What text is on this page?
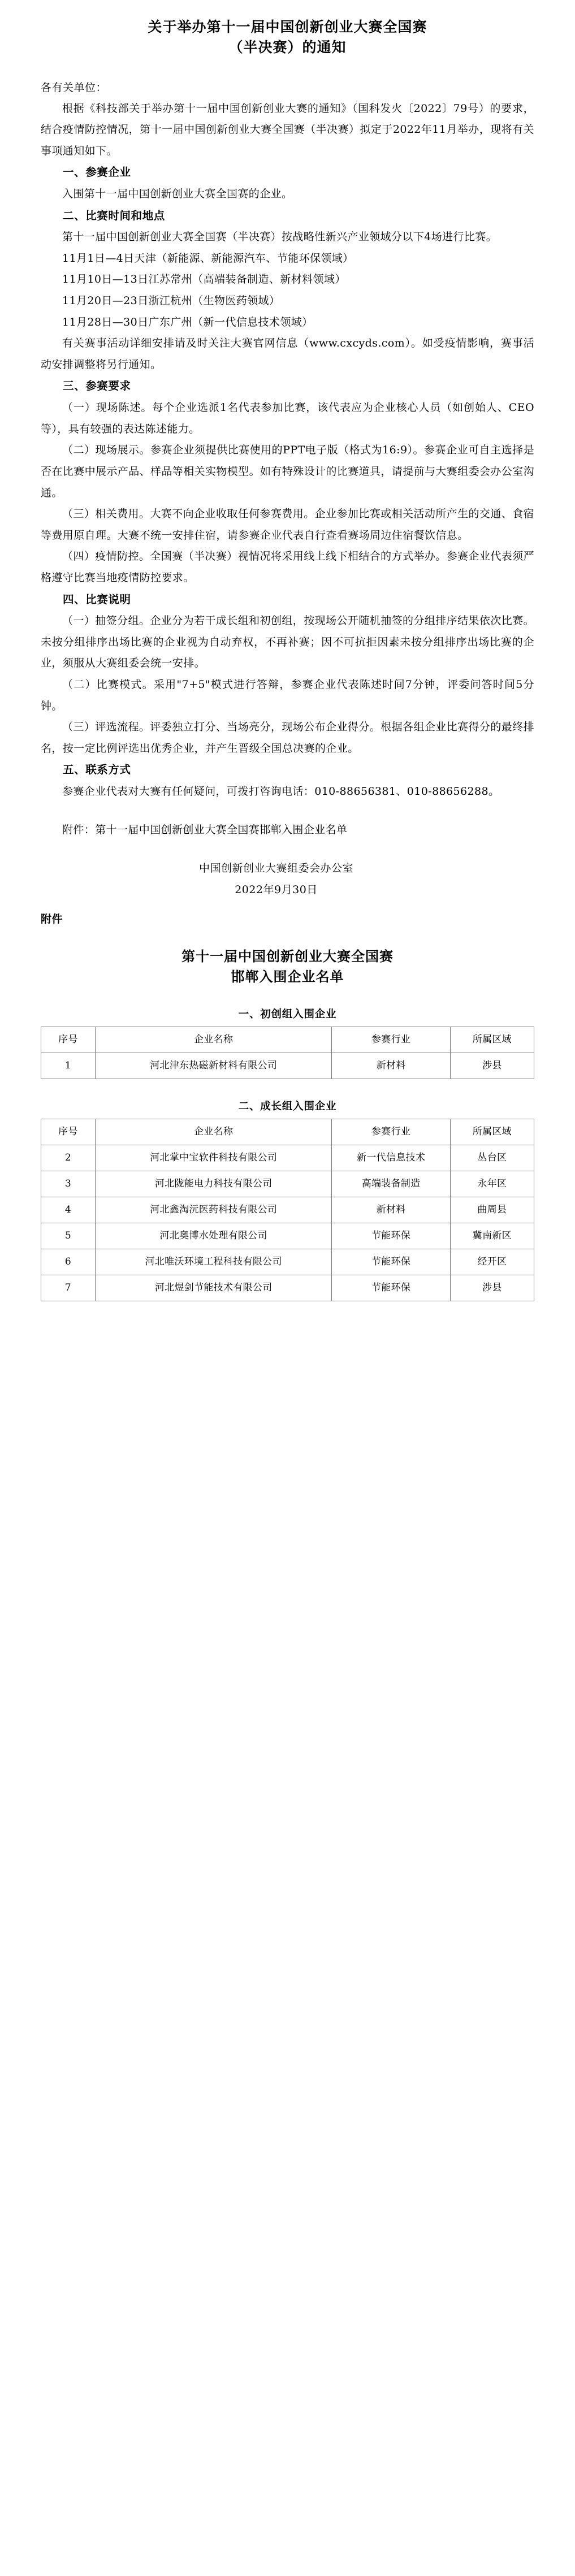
关于举办第十一届中国创新创业大赛全国赛
（半决赛）的通知
各有关单位：

根据《科技部关于举办第十一届中国创新创业大赛的通知》（国科发火〔2022〕79号）的要求，结合疫情防控情况，第十一届中国创新创业大赛全国赛（半决赛）拟定于2022年11月举办，现将有关事项通知如下。

一、参赛企业

入围第十一届中国创新创业大赛全国赛的企业。

二、比赛时间和地点

第十一届中国创新创业大赛全国赛（半决赛）按战略性新兴产业领域分以下4场进行比赛。

11月1日—4日天津（新能源、新能源汽车、节能环保领域）

11月10日—13日江苏常州（高端装备制造、新材料领域）

11月20日—23日浙江杭州（生物医药领域）

11月28日—30日广东广州（新一代信息技术领域）

有关赛事活动详细安排请及时关注大赛官网信息（www.cxcyds.com）。如受疫情影响，赛事活动安排调整将另行通知。

三、参赛要求

（一）现场陈述。每个企业选派1名代表参加比赛，该代表应为企业核心人员（如创始人、CEO等），具有较强的表达陈述能力。

（二）现场展示。参赛企业须提供比赛使用的PPT电子版（格式为16:9）。参赛企业可自主选择是否在比赛中展示产品、样品等相关实物模型。如有特殊设计的比赛道具，请提前与大赛组委会办公室沟通。

（三）相关费用。大赛不向企业收取任何参赛费用。企业参加比赛或相关活动所产生的交通、食宿等费用原自理。大赛不统一安排住宿，请参赛企业代表自行查看赛场周边住宿餐饮信息。

（四）疫情防控。全国赛（半决赛）视情况将采用线上线下相结合的方式举办。参赛企业代表须严格遵守比赛当地疫情防控要求。

四、比赛说明

（一）抽签分组。企业分为若干成长组和初创组，按现场公开随机抽签的分组排序结果依次比赛。未按分组排序出场比赛的企业视为自动弃权，不再补赛；因不可抗拒因素未按分组排序出场比赛的企业，须服从大赛组委会统一安排。

（二）比赛模式。采用"7+5"模式进行答辩，参赛企业代表陈述时间7分钟，评委问答时间5分钟。

（三）评选流程。评委独立打分、当场亮分，现场公布企业得分。根据各组企业比赛得分的最终排名，按一定比例评选出优秀企业，并产生晋级全国总决赛的企业。

五、联系方式

参赛企业代表对大赛有任何疑问，可拨打咨询电话：010-88656381、010-88656288。

附件：第十一届中国创新创业大赛全国赛邯郸入围企业名单

中国创新创业大赛组委会办公室
2022年9月30日
附件
第十一届中国创新创业大赛全国赛
邯郸入围企业名单
一、初创组入围企业
序号	企业名称	参赛行业	所属区域
1	河北津东热磁新材料有限公司	新材料	涉县
二、成长组入围企业
序号	企业名称	参赛行业	所属区域
2	河北掌中宝软件科技有限公司	新一代信息技术	丛台区
3	河北陇能电力科技有限公司	高端装备制造	永年区
4	河北鑫淘沅医药科技有限公司	新材料	曲周县
5	河北奥博水处理有限公司	节能环保	冀南新区
6	河北唯沃环境工程科技有限公司	节能环保	经开区
7	河北煜剑节能技术有限公司	节能环保	涉县
